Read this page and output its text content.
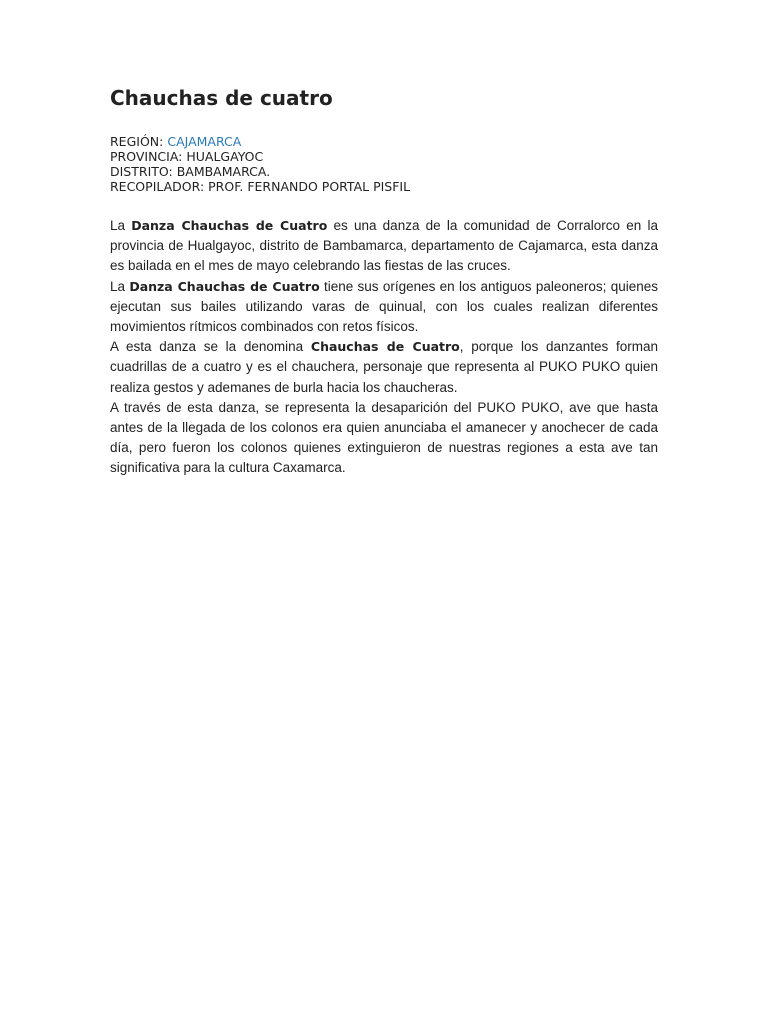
Chauchas de cuatro
REGIÓN: CAJAMARCA
PROVINCIA: HUALGAYOC
DISTRITO: BAMBAMARCA.
RECOPILADOR: PROF. FERNANDO PORTAL PISFIL

La Danza Chauchas de Cuatro es una danza de la comunidad de Corralorco en la provincia de Hualgayoc, distrito de Bambamarca, departamento de Cajamarca, esta danza es bailada en el mes de mayo celebrando las fiestas de las cruces.

La Danza Chauchas de Cuatro tiene sus orígenes en los antiguos paleoneros; quienes ejecutan sus bailes utilizando varas de quinual, con los cuales realizan diferentes movimientos rítmicos combinados con retos físicos.

A esta danza se la denomina Chauchas de Cuatro, porque los danzantes forman cuadrillas de a cuatro y es el chauchera, personaje que representa al PUKO PUKO quien realiza gestos y ademanes de burla hacia los chaucheras.

A través de esta danza, se representa la desaparición del PUKO PUKO, ave que hasta antes de la llegada de los colonos era quien anunciaba el amanecer y anochecer de cada día, pero fueron los colonos quienes extinguieron de nuestras regiones a esta ave tan significativa para la cultura Caxamarca.
